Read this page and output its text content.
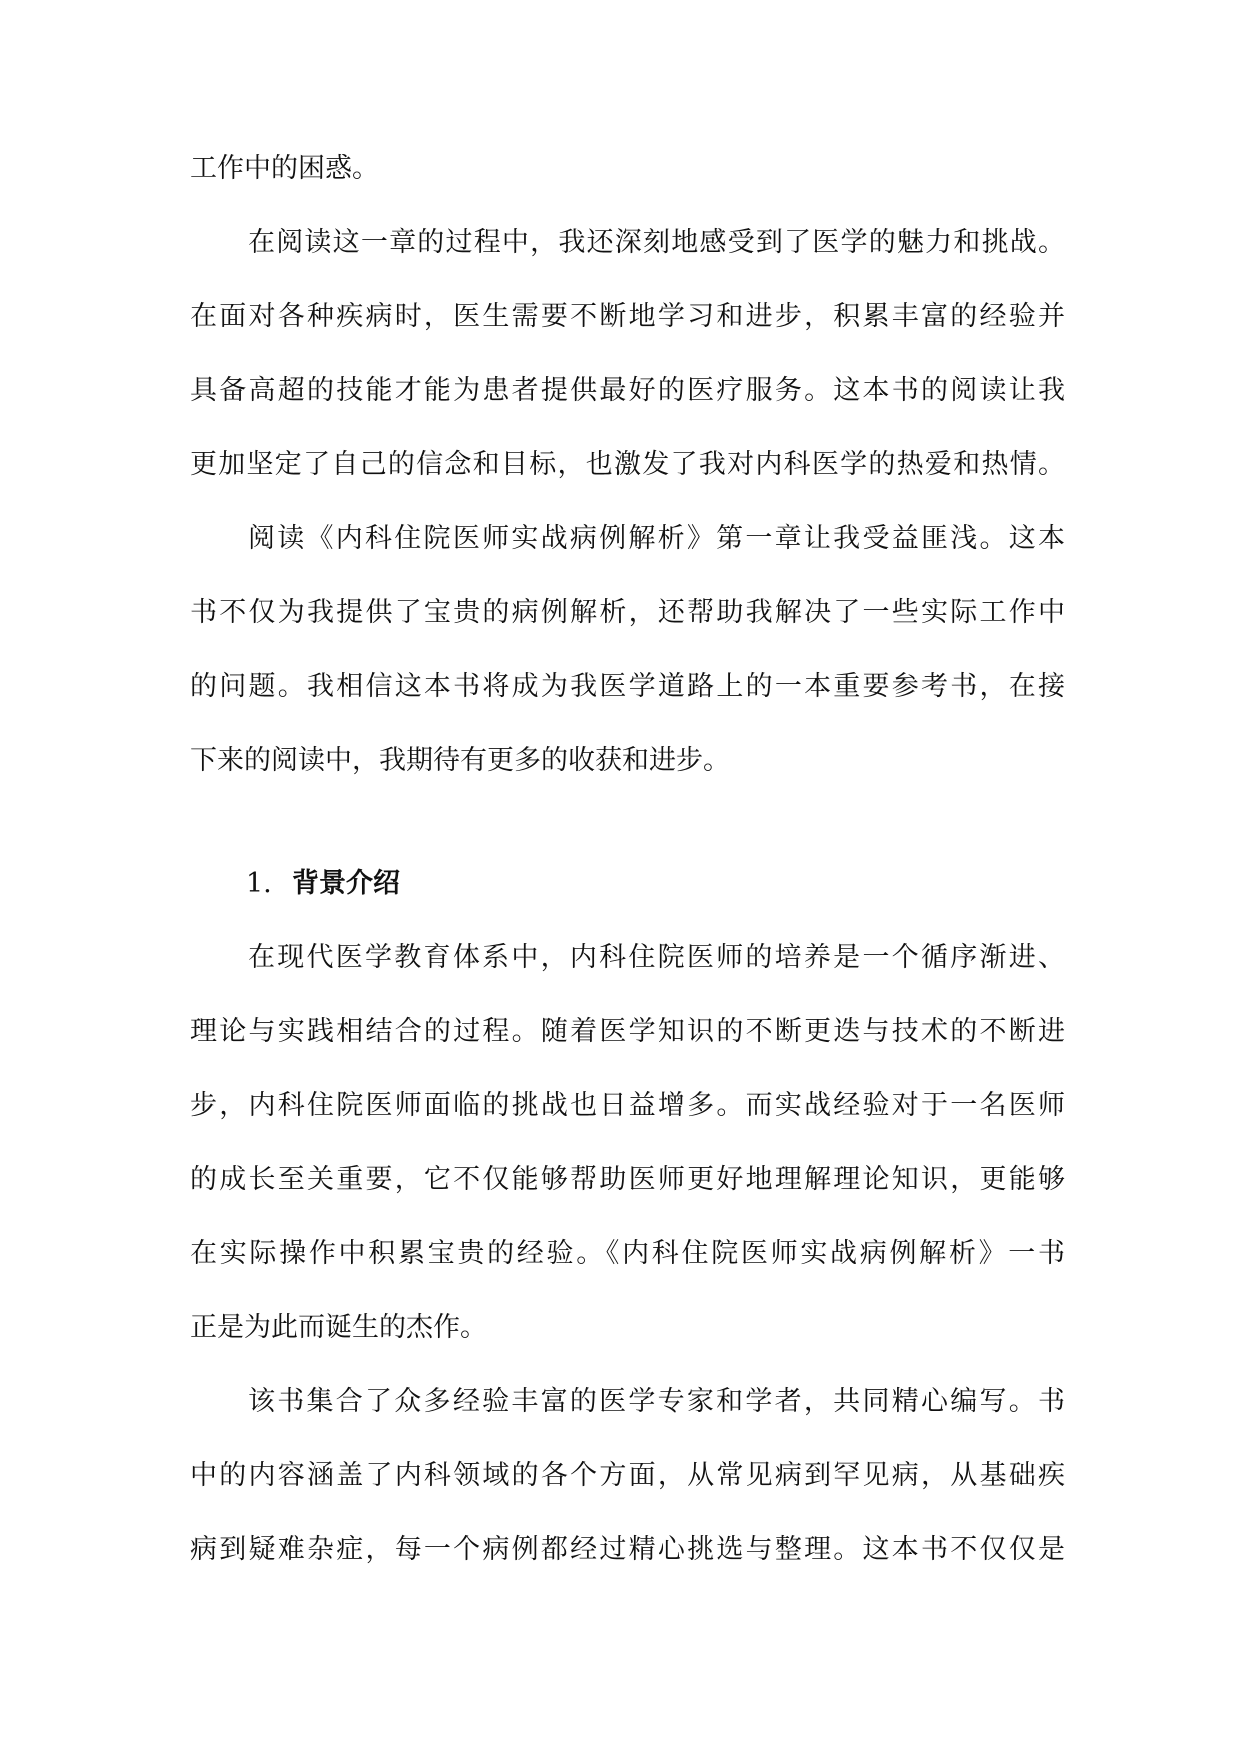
工作中的困惑。
在阅读这一章的过程中，我还深刻地感受到了医学的魅力和挑战。
在面对各种疾病时，医生需要不断地学习和进步，积累丰富的经验并
具备高超的技能才能为患者提供最好的医疗服务。这本书的阅读让我
更加坚定了自己的信念和目标，也激发了我对内科医学的热爱和热情。
阅读《内科住院医师实战病例解析》第一章让我受益匪浅。这本
书不仅为我提供了宝贵的病例解析，还帮助我解决了一些实际工作中
的问题。我相信这本书将成为我医学道路上的一本重要参考书，在接
下来的阅读中，我期待有更多的收获和进步。
1. 背景介绍
在现代医学教育体系中，内科住院医师的培养是一个循序渐进、
理论与实践相结合的过程。随着医学知识的不断更迭与技术的不断进
步，内科住院医师面临的挑战也日益增多。而实战经验对于一名医师
的成长至关重要，它不仅能够帮助医师更好地理解理论知识，更能够
在实际操作中积累宝贵的经验。《内科住院医师实战病例解析》一书
正是为此而诞生的杰作。
该书集合了众多经验丰富的医学专家和学者，共同精心编写。书
中的内容涵盖了内科领域的各个方面，从常见病到罕见病，从基础疾
病到疑难杂症，每一个病例都经过精心挑选与整理。这本书不仅仅是
